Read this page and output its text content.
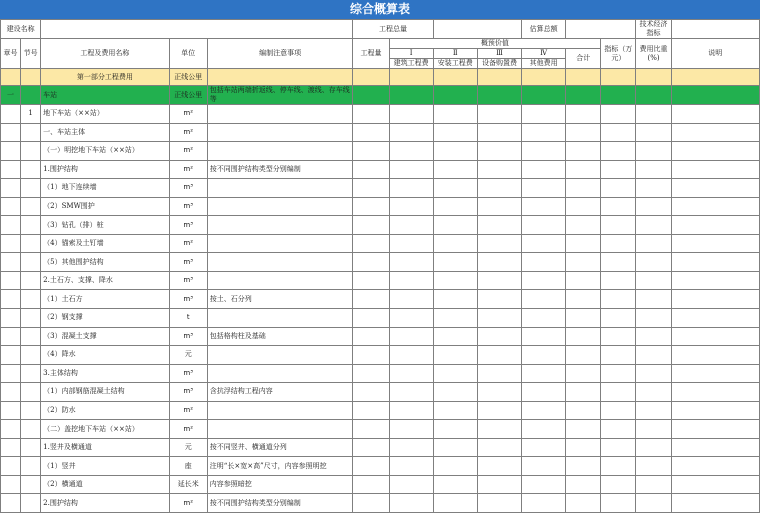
综合概算表
建设名称					工程总量				估算总额			技术经济指标	
章号	节号	工程及费用名称	单位	编制注意事项	工程量	概预价值					指标（万元）	费用比重(%)	说明
						Ⅰ	Ⅱ	Ⅲ	Ⅳ	合计			
						建筑工程费	安装工程费	设备购置费	其他费用				
		第一部分工程费用	正线公里										
一		车站	正线公里	包括车站两端折返线、停车线、渡线、存车线等									
	1	地下车站（××站）	m²										
		一、车站主体	m²										
		（一）明挖地下车站（××站）	m²										
		1.围护结构	m²	按不同围护结构类型分别编制									
		（1）地下连续墙	m³										
		（2）SMW围护	m³										
		（3）钻孔（排）桩	m³										
		（4）锚索及土钉墙	m²										
		（5）其他围护结构	m³										
		2.土石方、支撑、降水	m³										
		（1）土石方	m³	按土、石分列									
		（2）钢支撑	t										
		（3）混凝土支撑	m³	包括格构柱及基础									
		（4）降水	元										
		3.主体结构	m³										
		（1）内部钢筋混凝土结构	m³	含抗浮结构工程内容									
		（2）防水	m²										
		（二）盖挖地下车站（××站）	m²										
		1.竖井及横通道	元	按不同竖井、横通道分列									
		（1）竖井	座	注明“长×宽×高”尺寸，内容参照明挖									
		（2）横通道	延长米	内容参照暗挖									
		2.围护结构	m²	按不同围护结构类型分别编制									
